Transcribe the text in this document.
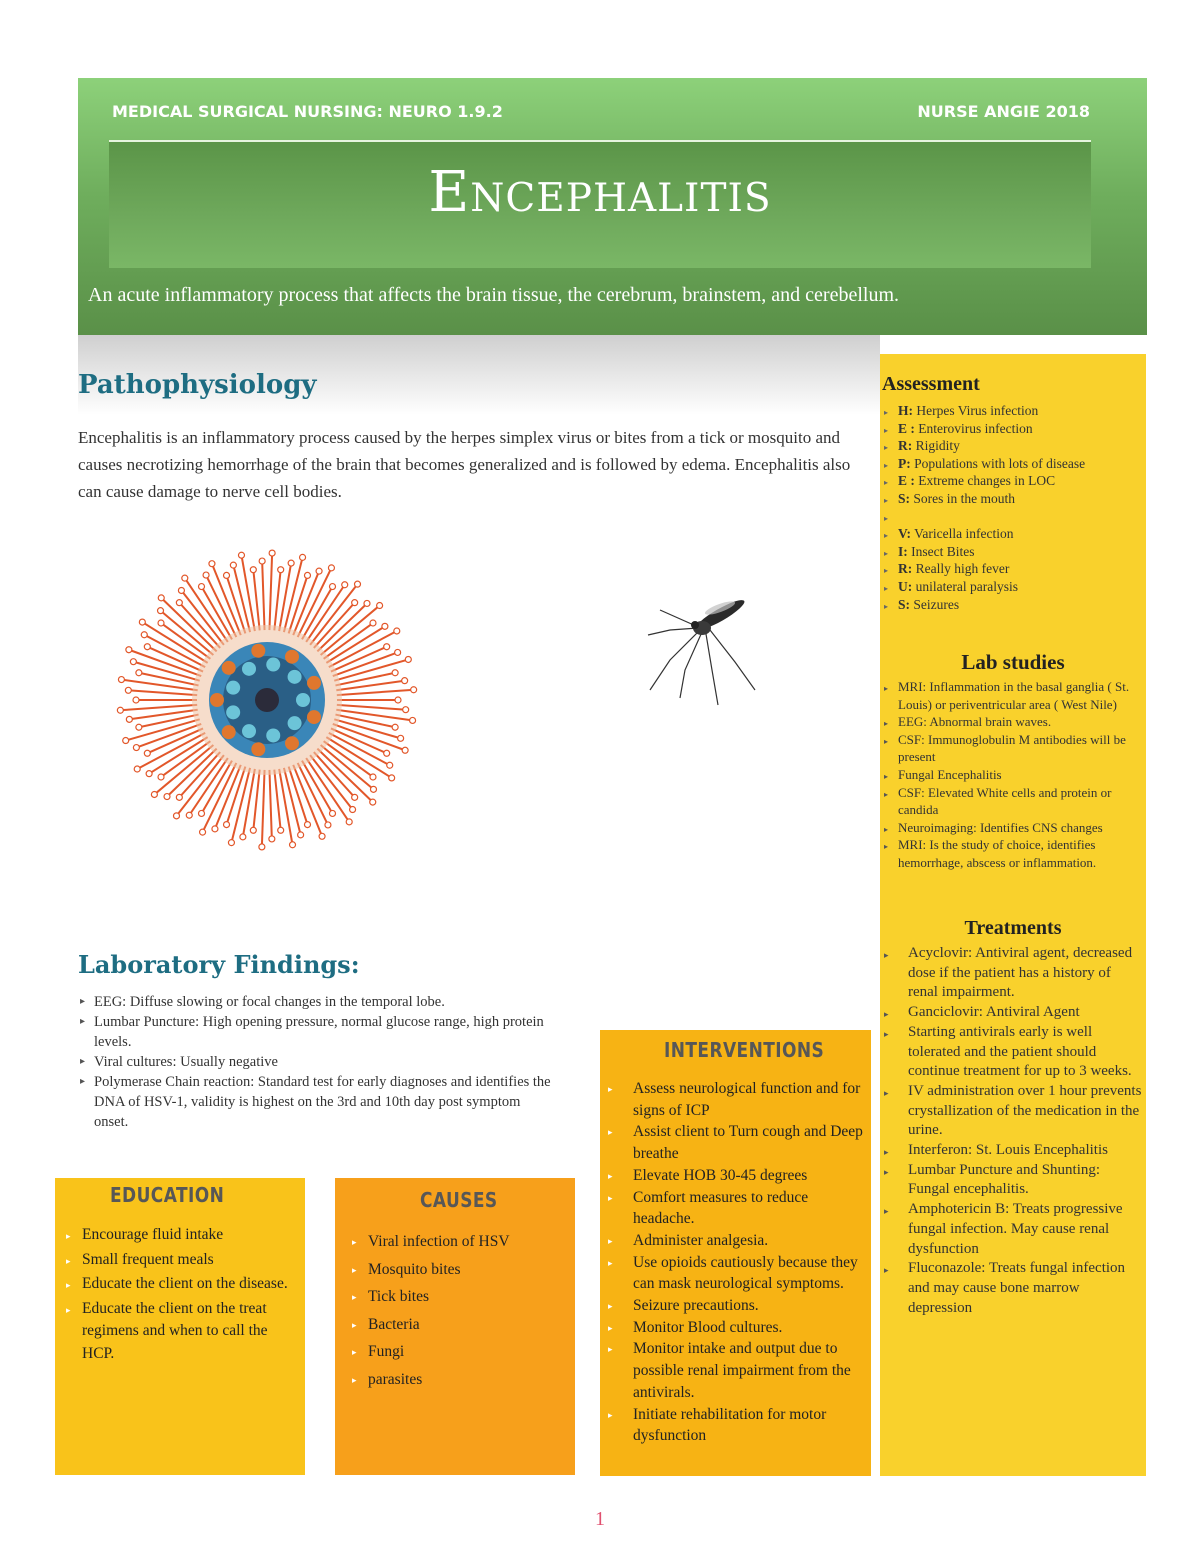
MEDICAL SURGICAL NURSING: NEURO 1.9.2	NURSE ANGIE 2018
Encephalitis
An acute inflammatory process that affects the brain tissue, the cerebrum, brainstem, and cerebellum.
Pathophysiology
Encephalitis is an inflammatory process caused by the herpes simplex virus or bites from a tick or mosquito and causes necrotizing hemorrhage of the brain that becomes generalized and is followed by edema. Encephalitis also can cause damage to nerve cell bodies.
Laboratory Findings:
▸ EEG: Diffuse slowing or focal changes in the temporal lobe.
▸ Lumbar Puncture: High opening pressure, normal glucose range, high protein levels.
▸ Viral cultures: Usually negative
▸ Polymerase Chain reaction: Standard test for early diagnoses and identifies the DNA of HSV-1, validity is highest on the 3rd and 10th day post symptom onset.
Assessment
▸ H: Herpes Virus infection
▸ E : Enterovirus infection
▸ R: Rigidity
▸ P: Populations with lots of disease
▸ E : Extreme changes in LOC
▸ S: Sores in the mouth
▸
▸ V: Varicella infection
▸ I: Insect Bites
▸ R: Really high fever
▸ U: unilateral paralysis
▸ S: Seizures
Lab studies
▸ MRI: Inflammation in the basal ganglia ( St. Louis) or periventricular area ( West Nile)
▸ EEG: Abnormal brain waves.
▸ CSF: Immunoglobulin M antibodies will be present
▸ Fungal Encephalitis
▸ CSF: Elevated White cells and protein or candida
▸ Neuroimaging: Identifies CNS changes
▸ MRI: Is the study of choice, identifies hemorrhage, abscess or inflammation.
Treatments
▸ Acyclovir: Antiviral agent, decreased dose if the patient has a history of renal impairment.
▸ Ganciclovir: Antiviral Agent
▸ Starting antivirals early is well tolerated and the patient should continue treatment for up to 3 weeks.
▸ IV administration over 1 hour prevents crystallization of the medication in the urine.
▸ Interferon: St. Louis Encephalitis
▸ Lumbar Puncture and Shunting: Fungal encephalitis.
▸ Amphotericin B: Treats progressive fungal infection. May cause renal dysfunction
▸ Fluconazole: Treats fungal infection and may cause bone marrow depression
INTERVENTIONS
▸ Assess neurological function and for signs of ICP
▸ Assist client to Turn cough and Deep breathe
▸ Elevate HOB 30-45 degrees
▸ Comfort measures to reduce headache.
▸ Administer analgesia.
▸ Use opioids cautiously because they can mask neurological symptoms.
▸ Seizure precautions.
▸ Monitor Blood cultures.
▸ Monitor intake and output due to possible renal impairment from the antivirals.
▸ Initiate rehabilitation for motor dysfunction
EDUCATION
▸ Encourage fluid intake
▸ Small frequent meals
▸ Educate the client on the disease.
▸ Educate the client on the treat regimens and when to call the HCP.
CAUSES
▸ Viral infection of HSV
▸ Mosquito bites
▸ Tick bites
▸ Bacteria
▸ Fungi
▸ parasites
1
